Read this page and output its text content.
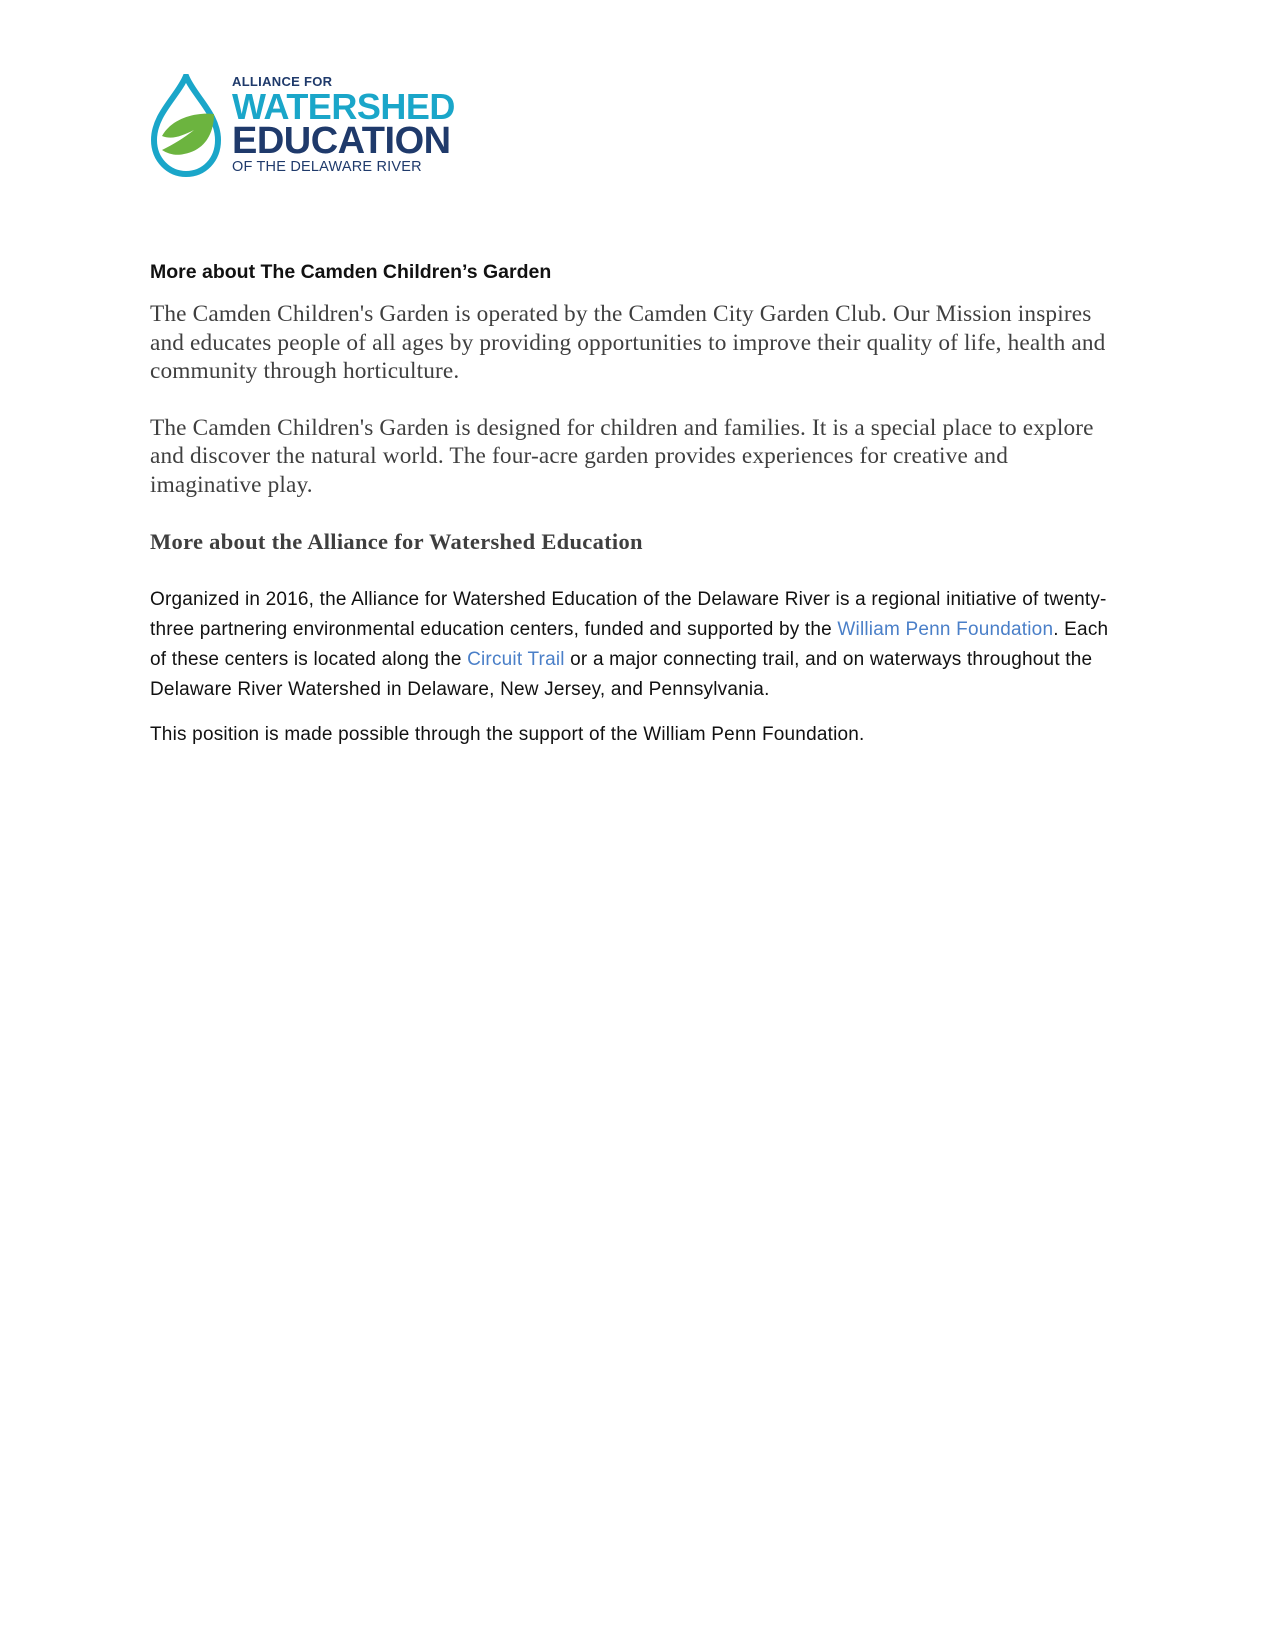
ALLIANCE FOR
WATERSHED
EDUCATION
OF THE DELAWARE RIVER
More about The Camden Children’s Garden

The Camden Children's Garden is operated by the Camden City Garden Club. Our Mission inspires and educates people of all ages by providing opportunities to improve their quality of life, health and community through horticulture.

The Camden Children's Garden is designed for children and families. It is a special place to explore and discover the natural world. The four-acre garden provides experiences for creative and imaginative play.

More about the Alliance for Watershed Education

Organized in 2016, the Alliance for Watershed Education of the Delaware River is a regional initiative of twenty-three partnering environmental education centers, funded and supported by the William Penn Foundation. Each of these centers is located along the Circuit Trail or a major connecting trail, and on waterways throughout the Delaware River Watershed in Delaware, New Jersey, and Pennsylvania.

This position is made possible through the support of the William Penn Foundation.
